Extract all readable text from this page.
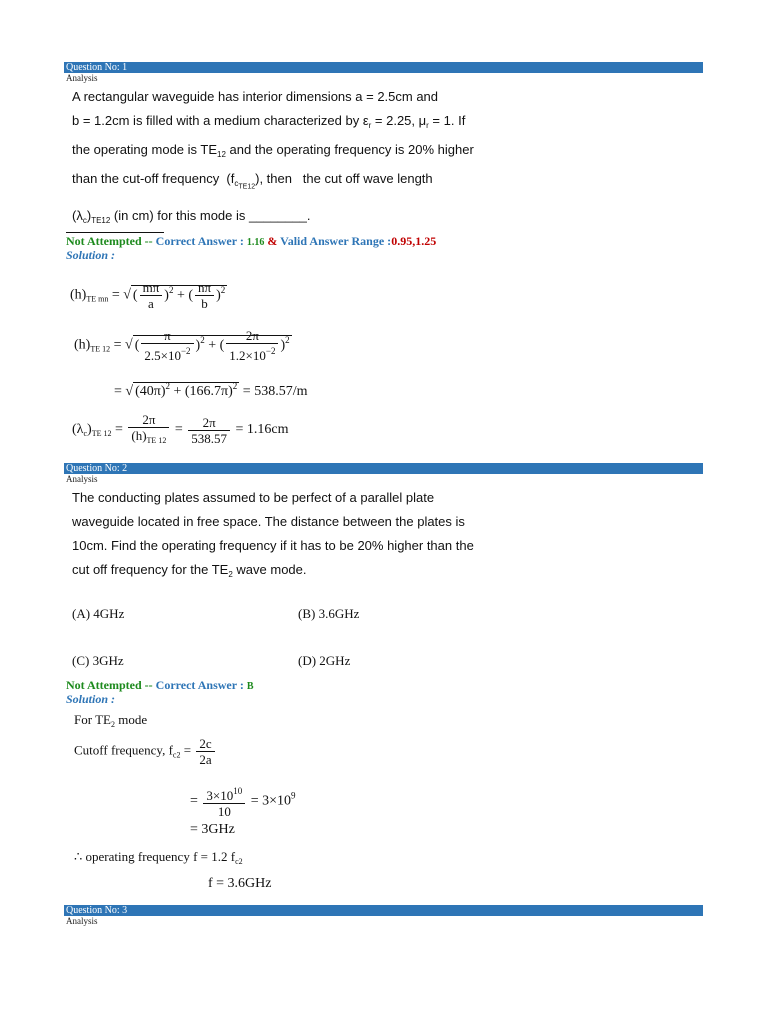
Question No: 1
Analysis
A rectangular waveguide has interior dimensions a = 2.5cm and
b = 1.2cm is filled with a medium characterized by $\varepsilon_r = 2.25$, $\mu_r = 1$. If
the operating mode is $TE_{12}$ and the operating frequency is 20% higher
than the cut-off frequency  $(f_{c_{TE12}})$, then   the cut off wave length
$(\lambda_c)_{TE12}$ (in cm) for this mode is ________.
Not Attempted -- Correct Answer : 1.16 & Valid Answer Range :0.95,1.25
Solution :
$(h)_{TE mn}$ = √ ( $\frac{m\pi}{a} )^2$ + ( $\frac{n\pi}{b} )^2$
$(h)_{TE 12}$ = √ ( $\frac{\pi}{2.5\times 10^{-2}} )^2$ + ( $\frac{2\pi}{1.2\times 10^{-2}} )^2$
= √ $(40\pi)^2 + (166.7\pi)^2 = 538.57/m$
$(\lambda_c)_{TE 12} = \frac{2\pi}{(h)_{TE 12}} = \frac{2\pi}{538.57} = 1.16cm$
Question No: 2
Analysis
The conducting plates assumed to be perfect of a parallel plate
waveguide located in free space. The distance between the plates is
10cm. Find the operating frequency if it has to be 20% higher than the
cut off frequency for the $TE_2$ wave mode.
(A) 4GHz	(B) 3.6GHz
(C) 3GHz	(D) 2GHz
Not Attempted -- Correct Answer : B
Solution :
For $TE_2$ mode
Cutoff frequency, $f_{c2} = \frac{2c}{2a}$
= $\frac{3\times 10^{10}}{10} = 3\times 10^9$
= 3GHz
∴ operating frequency f = 1.2 $f_{c2}$
f = 3.6GHz
Question No: 3
Analysis
